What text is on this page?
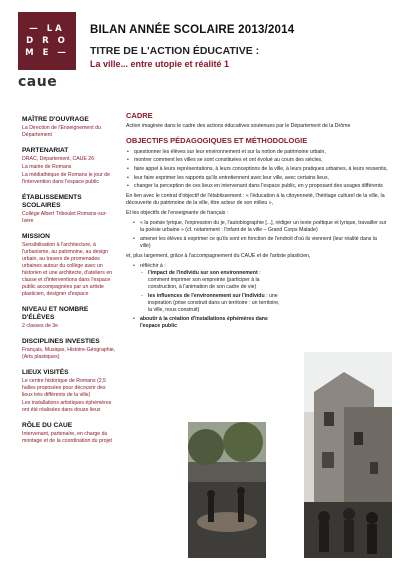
— LA
D R O
M E —
caue
BILAN ANNÉE SCOLAIRE 2013/2014
TITRE DE L'ACTION ÉDUCATIVE :
La ville... entre utopie et réalité 1
MAÎTRE D'OUVRAGE
La Direction de l'Enseignement du Département
PARTENARIAT
DRAC, Département, CAUE 26
La mairie de Romans
La médiathèque de Romans le jour de l'intervention dans l'espace public
ÉTABLISSEMENTS SCOLAIRES
Collège Albert Triboulet Romans-sur-Isère
MISSION
Sensibilisation à l'architecture, à l'urbanisme, au patrimoine, au design urbain, au travers de promenades urbaines autour du collège avec un historien et une architecte, d'ateliers en classe et d'interventions dans l'espace public accompagnées par un artiste plasticien, designer d'espace
NIVEAU ET NOMBRE D'ÉLÈVES
2 classes de 3e
DISCIPLINES INVESTIES
Français, Musique, Histoire-Géographie, (Arts plastiques)
LIEUX VISITÉS
Le centre historique de Romans (2,5 halles proposées pour découvrir des lieux très différents de la ville)
Les installations artistiques éphémères ont été réalisées dans douze lieux
RÔLE DU CAUE
Intervenant, partenaire, en charge du montage et de la coordination du projet
CADRE

Action imaginée dans le cadre des actions éducatives soutenues par le Département de la Drôme

OBJECTIFS PÉDAGOGIQUES ET MÉTHODOLOGIE
• questionner les élèves sur leur environnement et sur la notion de patrimoine urbain,
• montrer comment les villes se sont constituées et ont évolué au cours des siècles,
• faire appel à leurs représentations, à leurs conceptions de la ville, à leurs pratiques urbaines, à leurs ressentis,
• leur faire exprimer les rapports qu'ils entretiennent avec leur ville, avec certains lieux,
• changer la perception de ces lieux en intervenant dans l'espace public, en y proposant des usages différents

En lien avec le contrat d'objectif de l'établissement : « l'éducation à la citoyenneté, l'héritage culturel de la ville, la découverte du patrimoine de la ville, être acteur de son milieu »,

Et les objectifs de l'enseignante de français :

• « la poésie lyrique, l'expression du je, l'autobiographie [...], rédiger un texte poétique et lyrique, travailler sur la poésie urbaine » (cf. notamment : l'infant de la ville – Grand Corps Malade)
• amener les élèves à exprimer ce qu'ils sont en fonction de l'endroit d'où ils viennent (leur réalité dans la ville)

et, plus largement, grâce à l'accompagnement du CAUE et de l'artiste plasticien,

• réfléchir à :
- l'impact de l'individu sur son environnement : comment imprimer son empreinte (participer à la construction, à l'animation de son cadre de vie)
- les influences de l'environnement sur l'individu : une inspiration (prise construit dans un territoire : un territoire, la ville, nous construit)
• aboutir à la création d'installations éphémères dans l'espace public
